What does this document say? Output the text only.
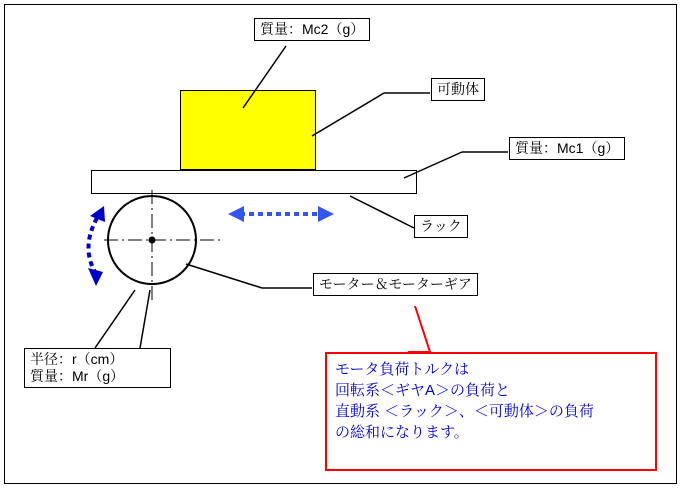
質量：Mc2（g）
可動体
質量：Mc1（g）
ラック
モーター＆モーターギア
半径：r（cm）
質量：Mr（g）	モータ負荷トルクは
回転系＜ギヤA＞の負荷と
直動系 ＜ラック＞、＜可動体＞の負荷
の総和になります。
